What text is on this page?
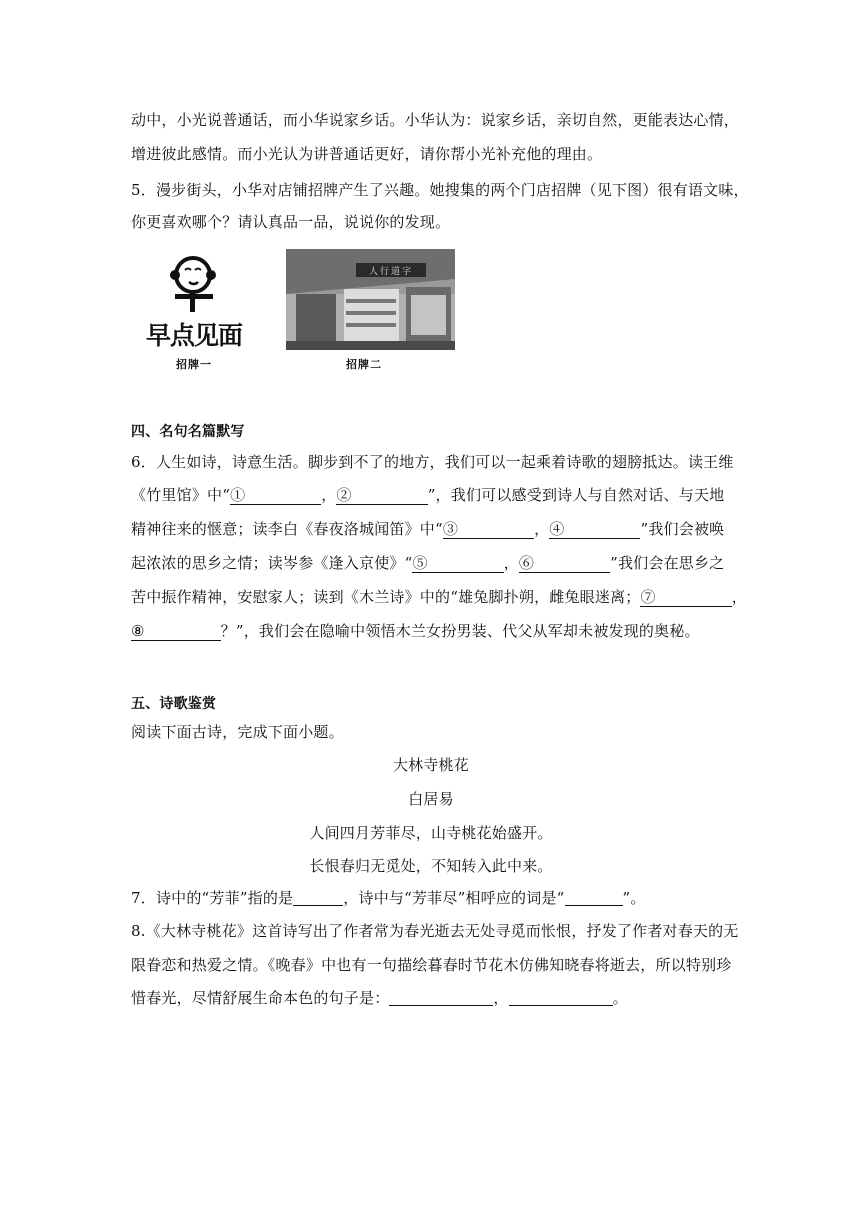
动中，小光说普通话，而小华说家乡话。小华认为：说家乡话，亲切自然，更能表达心情，
增进彼此感情。而小光认为讲普通话更好，请你帮小光补充他的理由。
5．漫步街头，小华对店铺招牌产生了兴趣。她搜集的两个门店招牌（见下图）很有语文味，
你更喜欢哪个？请认真品一品，说说你的发现。
早点见面
招牌一
人行道字
招牌二
四、名句名篇默写
6．人生如诗，诗意生活。脚步到不了的地方，我们可以一起乘着诗歌的翅膀抵达。读王维
《竹里馆》中“①	，②	”，我们可以感受到诗人与自然对话、与天地
精神往来的惬意；读李白《春夜洛城闻笛》中“③	，④	”我们会被唤
起浓浓的思乡之情；读岑参《逢入京使》“⑤	，⑥	”我们会在思乡之
苦中振作精神，安慰家人；读到《木兰诗》中的“雄兔脚扑朔，雌兔眼迷离；⑦	，
⑧	？”，我们会在隐喻中领悟木兰女扮男装、代父从军却未被发现的奥秘。
五、诗歌鉴赏
阅读下面古诗，完成下面小题。
大林寺桃花
白居易
人间四月芳菲尽，山寺桃花始盛开。
长恨春归无觅处，不知转入此中来。
7．诗中的“芳菲”指的是	，诗中与“芳菲尽”相呼应的词是“	”。
8.《大林寺桃花》这首诗写出了作者常为春光逝去无处寻觅而怅恨，抒发了作者对春天的无
限眷恋和热爱之情。《晚春》中也有一句描绘暮春时节花木仿佛知晓春将逝去，所以特别珍
惜春光，尽情舒展生命本色的句子是：	，	。
